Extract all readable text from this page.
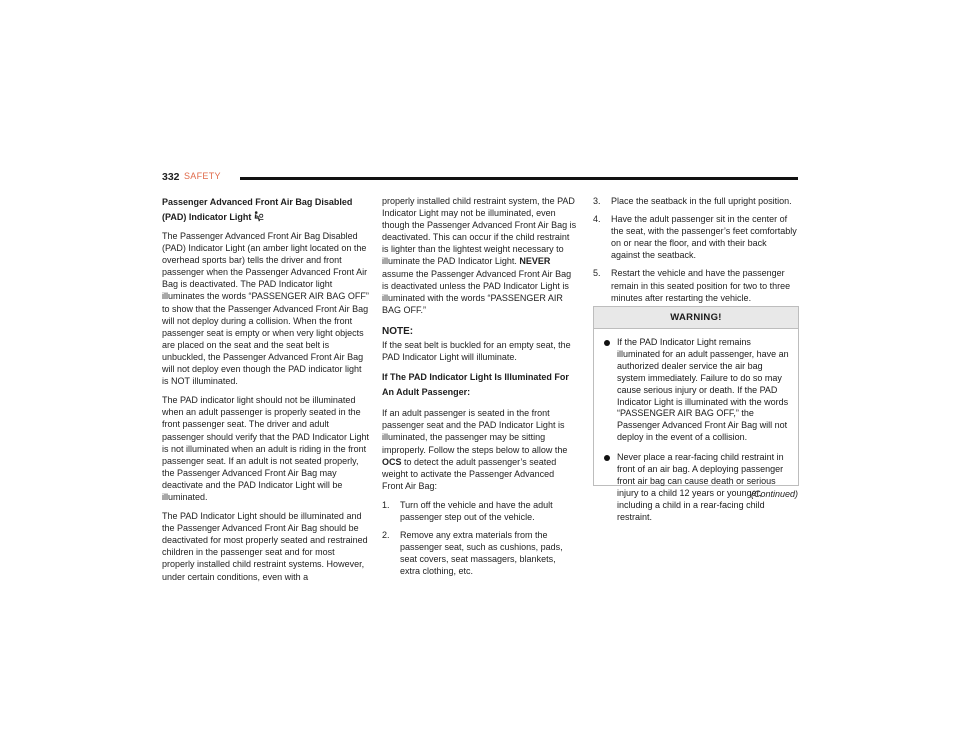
332 SAFETY
Passenger Advanced Front Air Bag Disabled (PAD) Indicator Light

The Passenger Advanced Front Air Bag Disabled (PAD) Indicator Light (an amber light located on the overhead sports bar) tells the driver and front passenger when the Passenger Advanced Front Air Bag is deactivated. The PAD Indicator light illuminates the words “PASSENGER AIR BAG OFF” to show that the Passenger Advanced Front Air Bag will not deploy during a collision. When the front passenger seat is empty or when very light objects are placed on the seat and the seat belt is unbuckled, the Passenger Advanced Front Air Bag will not deploy even though the PAD indicator light is NOT illuminated.

The PAD indicator light should not be illuminated when an adult passenger is properly seated in the front passenger seat. The driver and adult passenger should verify that the PAD Indicator Light is not illuminated when an adult is riding in the front passenger seat. If an adult is not seated properly, the Passenger Advanced Front Air Bag may deactivate and the PAD Indicator Light will be illuminated.

The PAD Indicator Light should be illuminated and the Passenger Advanced Front Air Bag should be deactivated for most properly seated and restrained children in the passenger seat and for most properly installed child restraint systems. However, under certain conditions, even with a

properly installed child restraint system, the PAD Indicator Light may not be illuminated, even though the Passenger Advanced Front Air Bag is deactivated. This can occur if the child restraint is lighter than the lightest weight necessary to illuminate the PAD Indicator Light. NEVER assume the Passenger Advanced Front Air Bag is deactivated unless the PAD Indicator Light is illuminated with the words “PASSENGER AIR BAG OFF.”

NOTE:

If the seat belt is buckled for an empty seat, the PAD Indicator Light will illuminate.

If The PAD Indicator Light Is Illuminated For An Adult Passenger:

If an adult passenger is seated in the front passenger seat and the PAD Indicator Light is illuminated, the passenger may be sitting improperly. Follow the steps below to allow the OCS to detect the adult passenger’s seated weight to activate the Passenger Advanced Front Air Bag:

1. Turn off the vehicle and have the adult passenger step out of the vehicle.
2. Remove any extra materials from the passenger seat, such as cushions, pads, seat covers, seat massagers, blankets, extra clothing, etc.
3. Place the seatback in the full upright position.
4. Have the adult passenger sit in the center of the seat, with the passenger’s feet comfortably on or near the floor, and with their back against the seatback.
5. Restart the vehicle and have the passenger remain in this seated position for two to three minutes after restarting the vehicle.
WARNING!
If the PAD Indicator Light remains illuminated for an adult passenger, have an authorized dealer service the air bag system immediately. Failure to do so may cause serious injury or death. If the PAD Indicator Light is illuminated with the words “PASSENGER AIR BAG OFF,” the Passenger Advanced Front Air Bag will not deploy in the event of a collision.
Never place a rear-facing child restraint in front of an air bag. A deploying passenger front air bag can cause death or serious injury to a child 12 years or younger, including a child in a rear-facing child restraint.
(Continued)
